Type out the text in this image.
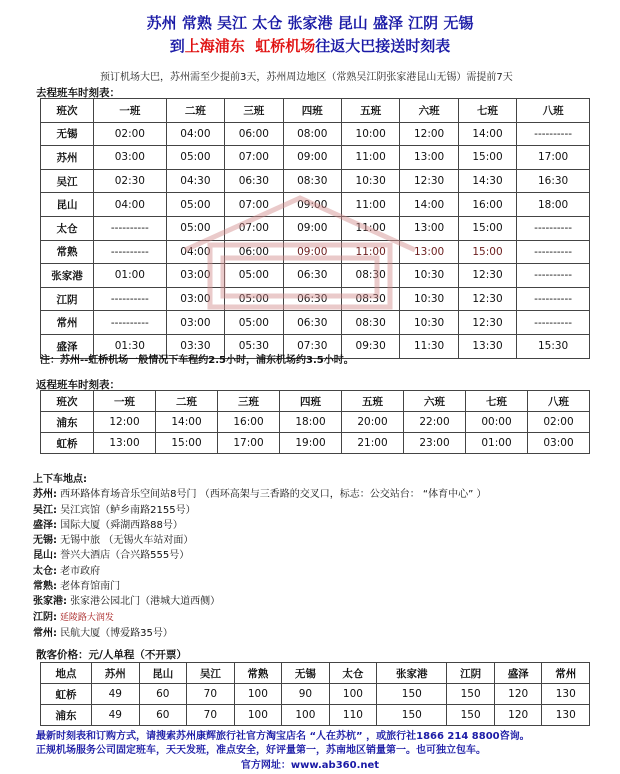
苏州 常熟 吴江 太仓 张家港 昆山 盛泽 江阴 无锡
到上海浦东 虹桥机场往返大巴接送时刻表
预订机场大巴，苏州需至少提前3天，苏州周边地区（常熟吴江阴张家港昆山无锡）需提前7天
去程班车时刻表：
班次	一班	二班	三班	四班	五班	六班	七班	八班
无锡	02:00	04:00	06:00	08:00	10:00	12:00	14:00	----------
苏州	03:00	05:00	07:00	09:00	11:00	13:00	15:00	17:00
吴江	02:30	04:30	06:30	08:30	10:30	12:30	14:30	16:30
昆山	04:00	05:00	07:00	09:00	11:00	14:00	16:00	18:00
太仓	----------	05:00	07:00	09:00	11:00	13:00	15:00	----------
常熟	----------	04:00	06:00	09:00	11:00	13:00	15:00	----------
张家港	01:00	03:00	05:00	06:30	08:30	10:30	12:30	----------
江阴	----------	03:00	05:00	06:30	08:30	10:30	12:30	----------
常州	----------	03:00	05:00	06:30	08:30	10:30	12:30	----------
盛泽	01:30	03:30	05:30	07:30	09:30	11:30	13:30	15:30
注：苏州--虹桥机场一般情况下车程约2.5小时，浦东机场约3.5小时。
返程班车时刻表：
班次	一班	二班	三班	四班	五班	六班	七班	八班
浦东	12:00	14:00	16:00	18:00	20:00	22:00	00:00	02:00
虹桥	13:00	15:00	17:00	19:00	21:00	23:00	01:00	03:00
上下车地点:
苏州: 西环路体育场音乐空间站8号门 （西环高架与三香路的交叉口，标志：公交站台： “体育中心” ）
吴江: 吴江宾馆（鲈乡南路2155号）
盛泽: 国际大厦（舜湖西路88号）
无锡: 无锡中旅 （无锡火车站对面）
昆山: 誉兴大酒店（合兴路555号）
太仓: 老市政府
常熟: 老体育馆南门
张家港: 张家港公园北门（港城大道西侧）
江阴: 延陵路大润发
常州: 民航大厦（博爱路35号）
散客价格：元/人单程（不开票）
地点	苏州	昆山	吴江	常熟	无锡	太仓	张家港	江阴	盛泽	常州
虹桥	49	60	70	100	90	100	150	150	120	130
浦东	49	60	70	100	100	110	150	150	120	130
最新时刻表和订购方式，请搜索苏州康辉旅行社官方淘宝店名 “人在苏杭” ，或旅行社1866 214 8800咨询。
正规机场服务公司固定班车，天天发班，准点安全，好评量第一，苏南地区销量第一。也可独立包车。
官方网址：www.ab360.net
